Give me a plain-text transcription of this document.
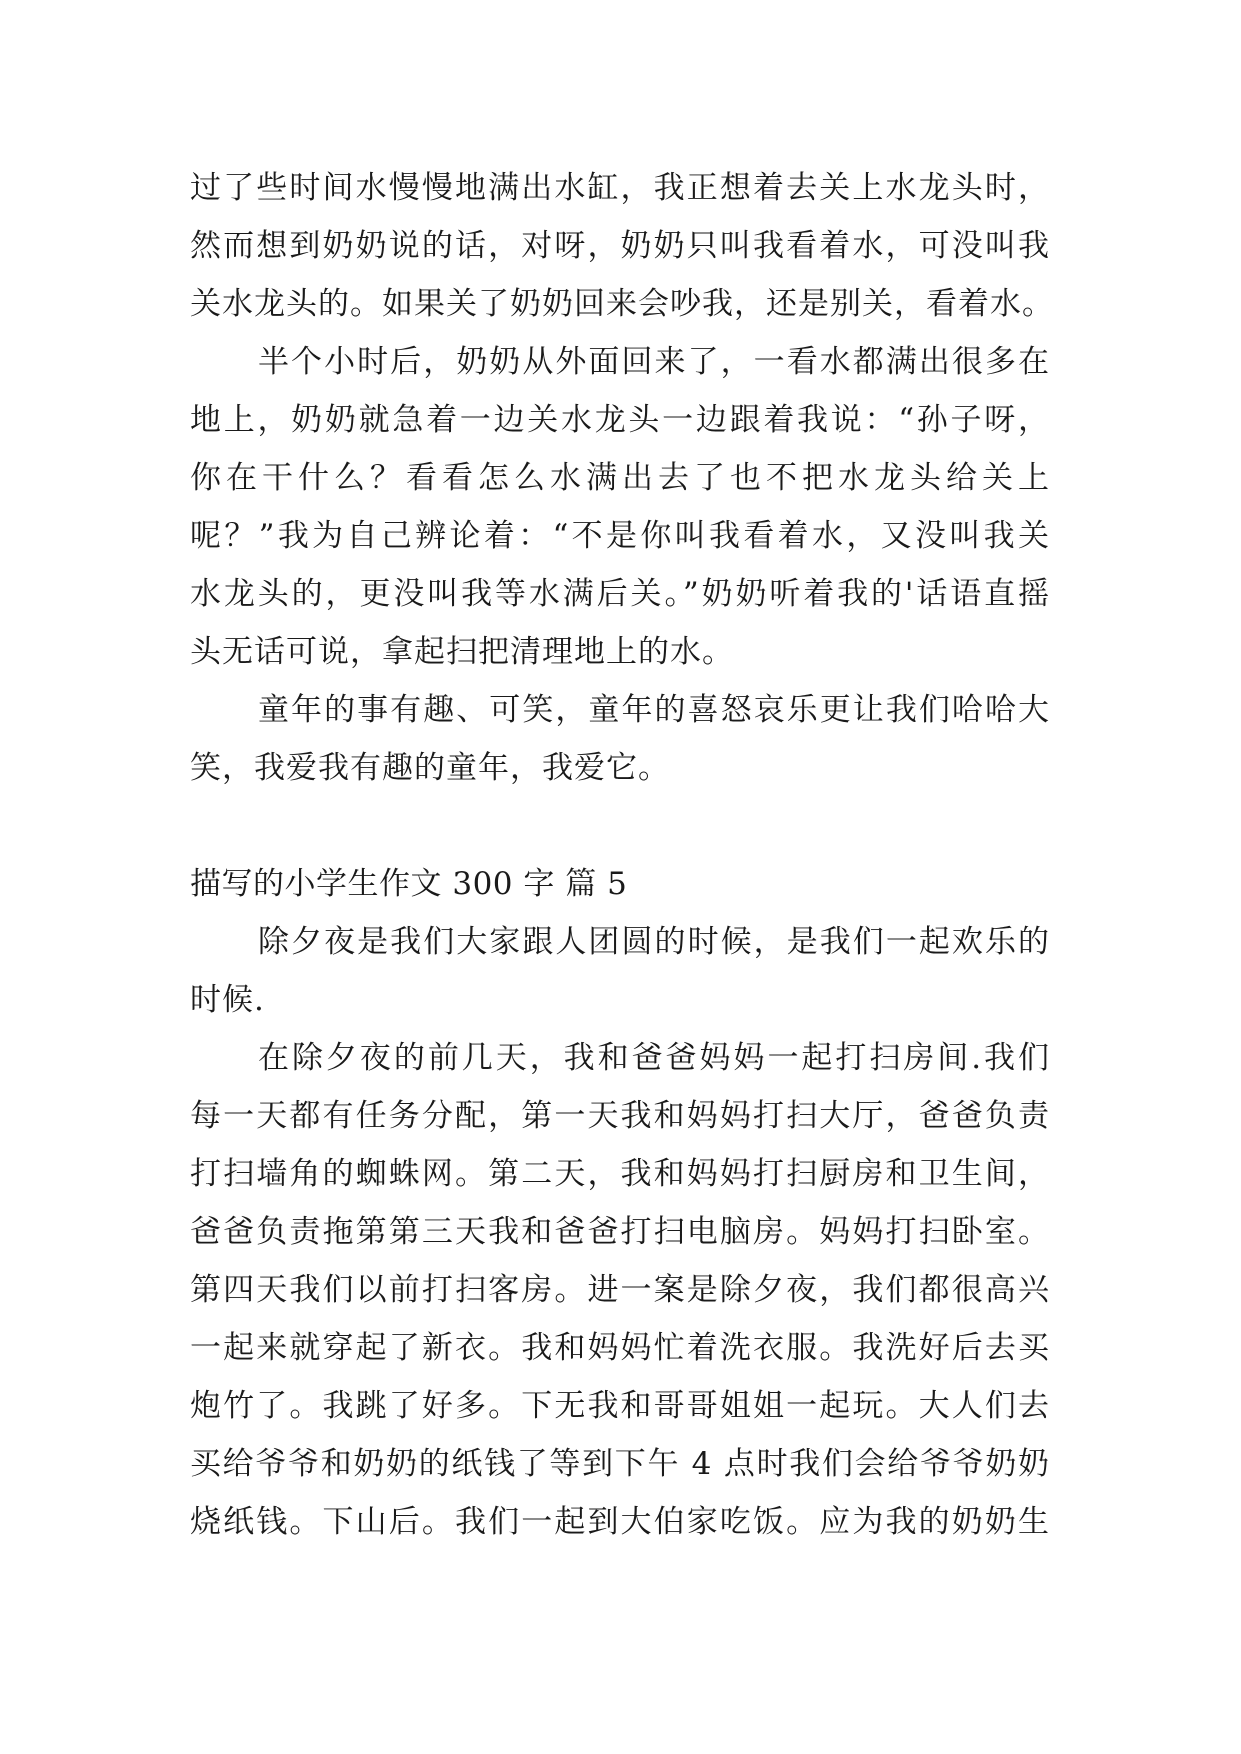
过了些时间水慢慢地满出水缸，我正想着去关上水龙头时，
然而想到奶奶说的话，对呀，奶奶只叫我看着水，可没叫我
关水龙头的。如果关了奶奶回来会吵我，还是别关，看着水。
半个小时后，奶奶从外面回来了，一看水都满出很多在
地上，奶奶就急着一边关水龙头一边跟着我说：“孙子呀，
你在干什么？看看怎么水满出去了也不把水龙头给关上
呢？”我为自己辨论着：“不是你叫我看着水，又没叫我关
水龙头的，更没叫我等水满后关。”奶奶听着我的'话语直摇
头无话可说，拿起扫把清理地上的水。
童年的事有趣、可笑，童年的喜怒哀乐更让我们哈哈大
笑，我爱我有趣的童年，我爱它。
描写的小学生作文 300 字 篇 5
除夕夜是我们大家跟人团圆的时候，是我们一起欢乐的
时候.
在除夕夜的前几天，我和爸爸妈妈一起打扫房间.我们
每一天都有任务分配，第一天我和妈妈打扫大厅，爸爸负责
打扫墙角的蜘蛛网。第二天，我和妈妈打扫厨房和卫生间，
爸爸负责拖第第三天我和爸爸打扫电脑房。妈妈打扫卧室。
第四天我们以前打扫客房。进一案是除夕夜，我们都很高兴
一起来就穿起了新衣。我和妈妈忙着洗衣服。我洗好后去买
炮竹了。我跳了好多。下无我和哥哥姐姐一起玩。大人们去
买给爷爷和奶奶的纸钱了等到下午 4 点时我们会给爷爷奶奶
烧纸钱。下山后。我们一起到大伯家吃饭。应为我的奶奶生
